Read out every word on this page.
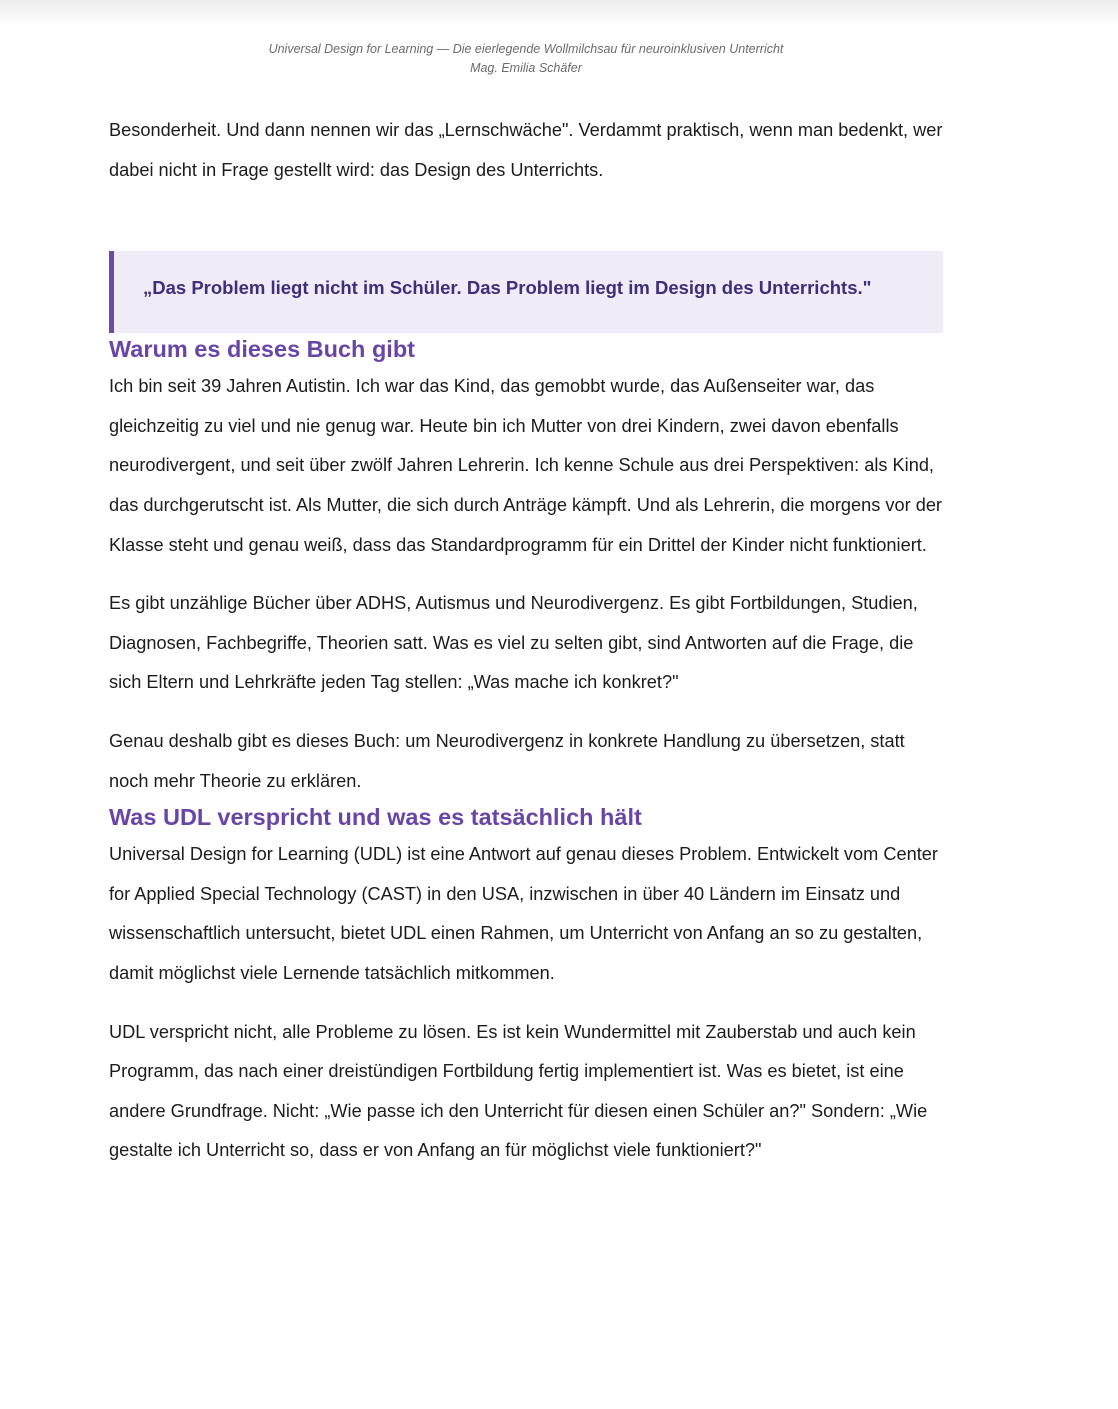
Universal Design for Learning — Die eierlegende Wollmilchsau für neuroinklusiven Unterricht
Mag. Emilia Schäfer

Besonderheit. Und dann nennen wir das „Lernschwäche". Verdammt praktisch, wenn man bedenkt, wer dabei nicht in Frage gestellt wird: das Design des Unterrichts.

„Das Problem liegt nicht im Schüler. Das Problem liegt im Design des Unterrichts."
Warum es dieses Buch gibt

Ich bin seit 39 Jahren Autistin. Ich war das Kind, das gemobbt wurde, das Außenseiter war, das gleichzeitig zu viel und nie genug war. Heute bin ich Mutter von drei Kindern, zwei davon ebenfalls neurodivergent, und seit über zwölf Jahren Lehrerin. Ich kenne Schule aus drei Perspektiven: als Kind, das durchgerutscht ist. Als Mutter, die sich durch Anträge kämpft. Und als Lehrerin, die morgens vor der Klasse steht und genau weiß, dass das Standardprogramm für ein Drittel der Kinder nicht funktioniert.

Es gibt unzählige Bücher über ADHS, Autismus und Neurodivergenz. Es gibt Fortbildungen, Studien, Diagnosen, Fachbegriffe, Theorien satt. Was es viel zu selten gibt, sind Antworten auf die Frage, die sich Eltern und Lehrkräfte jeden Tag stellen: „Was mache ich konkret?"

Genau deshalb gibt es dieses Buch: um Neurodivergenz in konkrete Handlung zu übersetzen, statt noch mehr Theorie zu erklären.

Was UDL verspricht und was es tatsächlich hält

Universal Design for Learning (UDL) ist eine Antwort auf genau dieses Problem. Entwickelt vom Center for Applied Special Technology (CAST) in den USA, inzwischen in über 40 Ländern im Einsatz und wissenschaftlich untersucht, bietet UDL einen Rahmen, um Unterricht von Anfang an so zu gestalten, damit möglichst viele Lernende tatsächlich mitkommen.

UDL verspricht nicht, alle Probleme zu lösen. Es ist kein Wundermittel mit Zauberstab und auch kein Programm, das nach einer dreistündigen Fortbildung fertig implementiert ist. Was es bietet, ist eine andere Grundfrage. Nicht: „Wie passe ich den Unterricht für diesen einen Schüler an?" Sondern: „Wie gestalte ich Unterricht so, dass er von Anfang an für möglichst viele funktioniert?"
